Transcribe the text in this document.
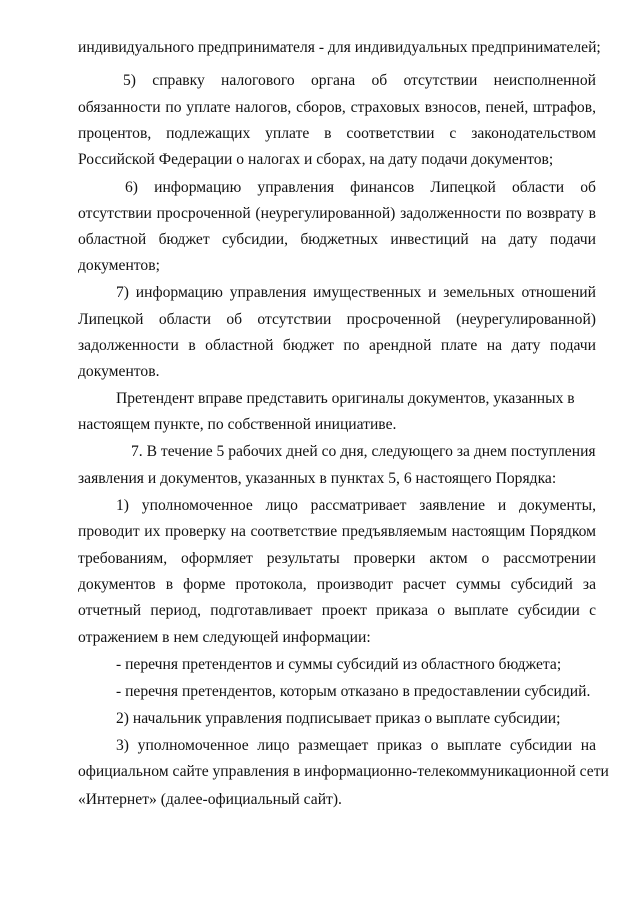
индивидуального предпринимателя - для индивидуальных предпринимателей;
5) справку налогового органа об отсутствии неисполненной
обязанности по уплате налогов, сборов, страховых взносов, пеней, штрафов,
процентов, подлежащих уплате в соответствии с законодательством
Российской Федерации о налогах и сборах, на дату подачи документов;
6) информацию управления финансов Липецкой области об
отсутствии просроченной (неурегулированной) задолженности по возврату в
областной бюджет субсидии, бюджетных инвестиций на дату подачи
документов;
7) информацию управления имущественных и земельных отношений
Липецкой области об отсутствии просроченной (неурегулированной)
задолженности в областной бюджет по арендной плате на дату подачи
документов.
Претендент вправе представить оригиналы документов, указанных в
настоящем пункте, по собственной инициативе.
7. В течение 5 рабочих дней со дня, следующего за днем поступления
заявления и документов, указанных в пунктах 5, 6 настоящего Порядка:
1) уполномоченное лицо рассматривает заявление и документы,
проводит их проверку на соответствие предъявляемым настоящим Порядком
требованиям, оформляет результаты проверки актом о рассмотрении
документов в форме протокола, производит расчет суммы субсидий за
отчетный период, подготавливает проект приказа о выплате субсидии с
отражением в нем следующей информации:
- перечня претендентов и суммы субсидий из областного бюджета;
- перечня претендентов, которым отказано в предоставлении субсидий.
2) начальник управления подписывает приказ о выплате субсидии;
3) уполномоченное лицо размещает приказ о выплате субсидии на
официальном сайте управления в информационно-телекоммуникационной сети
«Интернет» (далее-официальный сайт).
